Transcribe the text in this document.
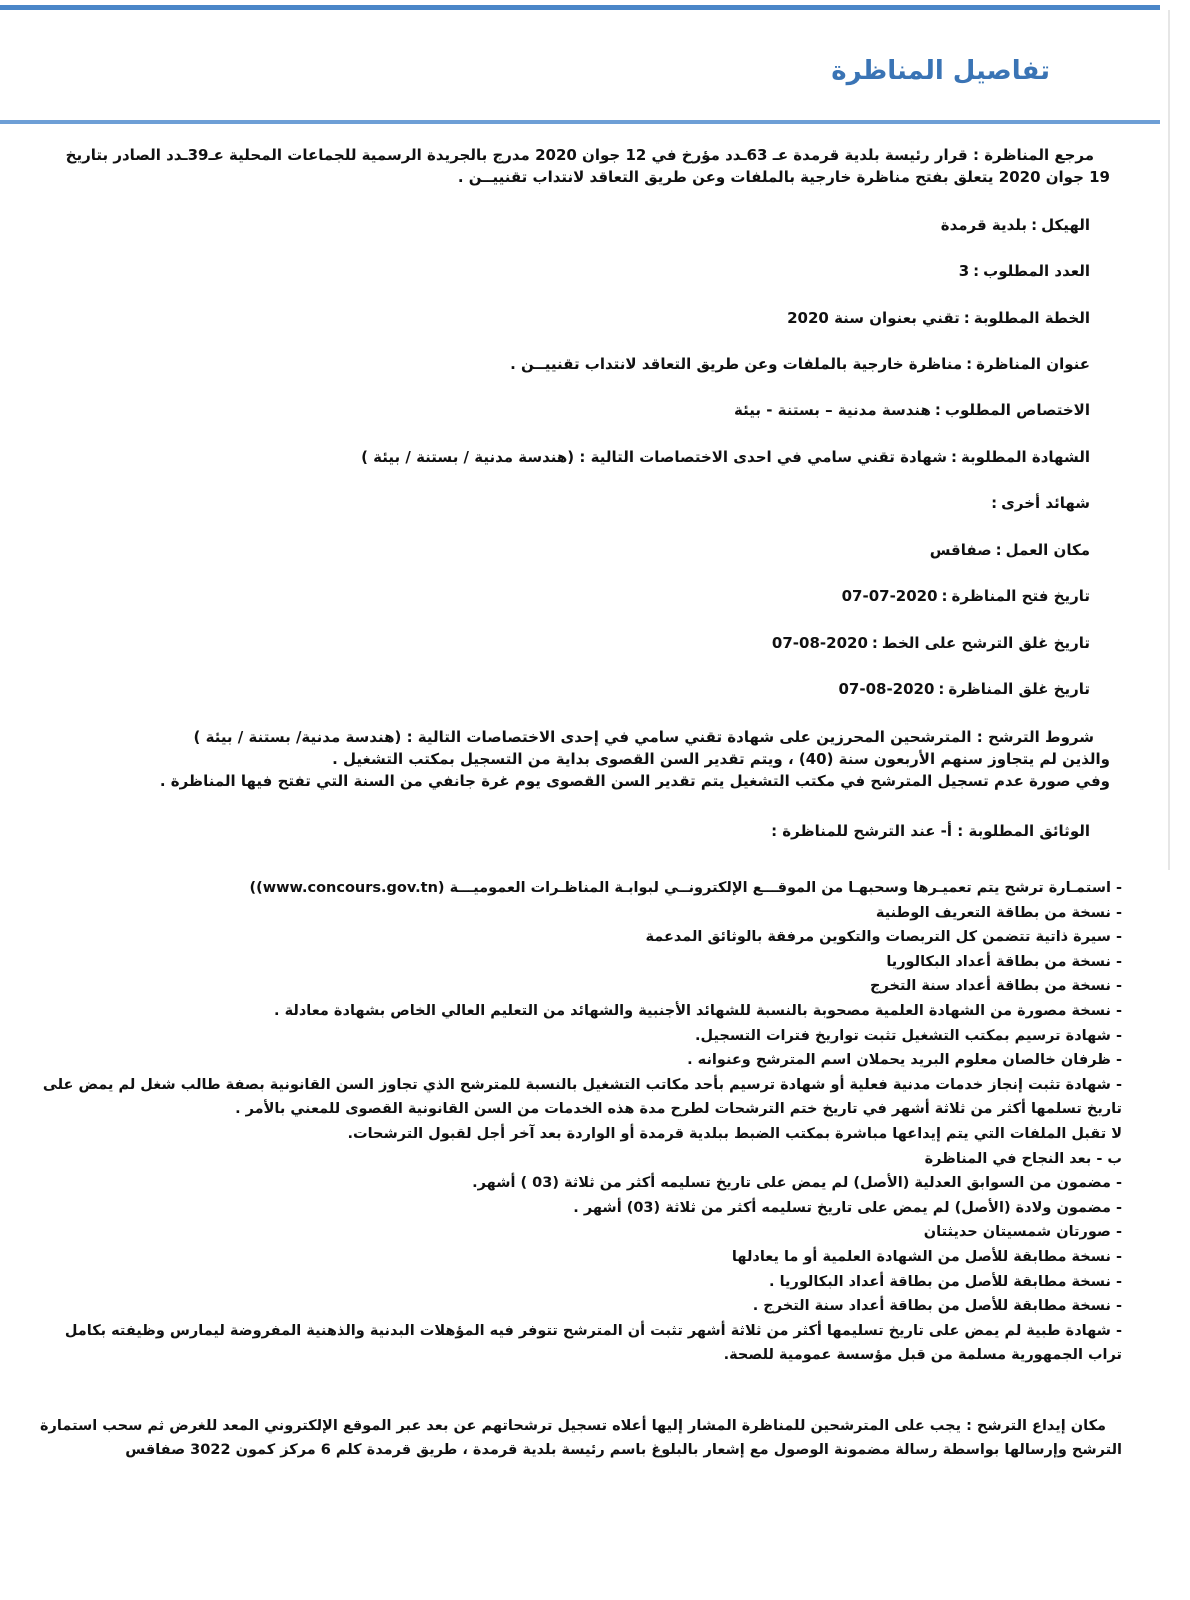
تفاصيل المناظرة

مرجع المناظرة : قرار رئيسة بلدية قرمدة عـ 63ـدد مؤرخ في 12 جوان 2020 مدرج بالجريدة الرسمية للجماعات المحلية عـ39ـدد الصادر بتاريخ 19 جوان 2020 يتعلق بفتح مناظرة خارجية بالملفات وعن طريق التعاقد لانتداب تقنييــن .

الهيكل:بلدية قرمدة
العدد المطلوب:3
الخطة المطلوبة:تقني بعنوان سنة 2020
عنوان المناظرة:مناظرة خارجية بالملفات وعن طريق التعاقد لانتداب تقنييــن .
الاختصاص المطلوب:هندسة مدنية – بستنة - بيئة
الشهادة المطلوبة:شهادة تقني سامي في احدى الاختصاصات التالية : (هندسة مدنية / بستنة / بيئة )
شهائد أخرى:
مكان العمل:صفاقس
تاريخ فتح المناظرة:2020-07-07
تاريخ غلق الترشح على الخط:2020-08-07
تاريخ غلق المناظرة:2020-08-07

شروط الترشح : المترشحين المحرزين على شهادة تقني سامي في إحدى الاختصاصات التالية : (هندسة مدنية/ بستنة / بيئة )

والذين لم يتجاوز سنهم الأربعون سنة (40) ، ويتم تقدير السن القصوى بداية من التسجيل بمكتب التشغيل .

وفي صورة عدم تسجيل المترشح في مكتب التشغيل يتم تقدير السن القصوى يوم غرة جانفي من السنة التي تفتح فيها المناظرة .

الوثائق المطلوبة : أ- عند الترشح للمناظرة :
- استمـارة ترشح يتم تعميـرها وسحبهـا من الموقـــع الإلكترونــي لبوابـة المناظـرات العموميـــة (www.concours.gov.tn))
- نسخة من بطاقة التعريف الوطنية
- سيرة ذاتية تتضمن كل التربصات والتكوين مرفقة بالوثائق المدعمة
- نسخة من بطاقة أعداد البكالوريا
- نسخة من بطاقة أعداد سنة التخرج
- نسخة مصورة من الشهادة العلمية مصحوبة بالنسبة للشهائد الأجنبية والشهائد من التعليم العالي الخاص بشهادة معادلة .
- شهادة ترسيم بمكتب التشغيل تثبت تواريخ فترات التسجيل.
- ظرفان خالصان معلوم البريد يحملان اسم المترشح وعنوانه .
- شهادة تثبت إنجاز خدمات مدنية فعلية أو شهادة ترسيم بأحد مكاتب التشغيل بالنسبة للمترشح الذي تجاوز السن القانونية بصفة طالب شغل لم يمض على تاريخ تسلمها أكثر من ثلاثة أشهر في تاريخ ختم الترشحات لطرح مدة هذه الخدمات من السن القانونية القصوى للمعني بالأمر .
لا تقبل الملفات التي يتم إيداعها مباشرة بمكتب الضبط ببلدية قرمدة أو الواردة بعد آخر أجل لقبول الترشحات.
ب - بعد النجاح في المناظرة
- مضمون من السوابق العدلية (الأصل) لم يمض على تاريخ تسليمه أكثر من ثلاثة (03 ) أشهر.
- مضمون ولادة (الأصل) لم يمض على تاريخ تسليمه أكثر من ثلاثة (03) أشهر .
- صورتان شمسيتان حديثتان
- نسخة مطابقة للأصل من الشهادة العلمية أو ما يعادلها
- نسخة مطابقة للأصل من بطاقة أعداد البكالوريا .
- نسخة مطابقة للأصل من بطاقة أعداد سنة التخرج .
- شهادة طبية لم يمض على تاريخ تسليمها أكثر من ثلاثة أشهر تثبت أن المترشح تتوفر فيه المؤهلات البدنية والذهنية المفروضة ليمارس وظيفته بكامل تراب الجمهورية مسلمة من قبل مؤسسة عمومية للصحة.

مكان إيداع الترشح : يجب على المترشحين للمناظرة المشار إليها أعلاه تسجيل ترشحاتهم عن بعد عبر الموقع الإلكتروني المعد للغرض ثم سحب استمارة الترشح وإرسالها بواسطة رسالة مضمونة الوصول مع إشعار بالبلوغ باسم رئيسة بلدية قرمدة ، طريق قرمدة كلم 6 مركز كمون 3022 صفاقس
